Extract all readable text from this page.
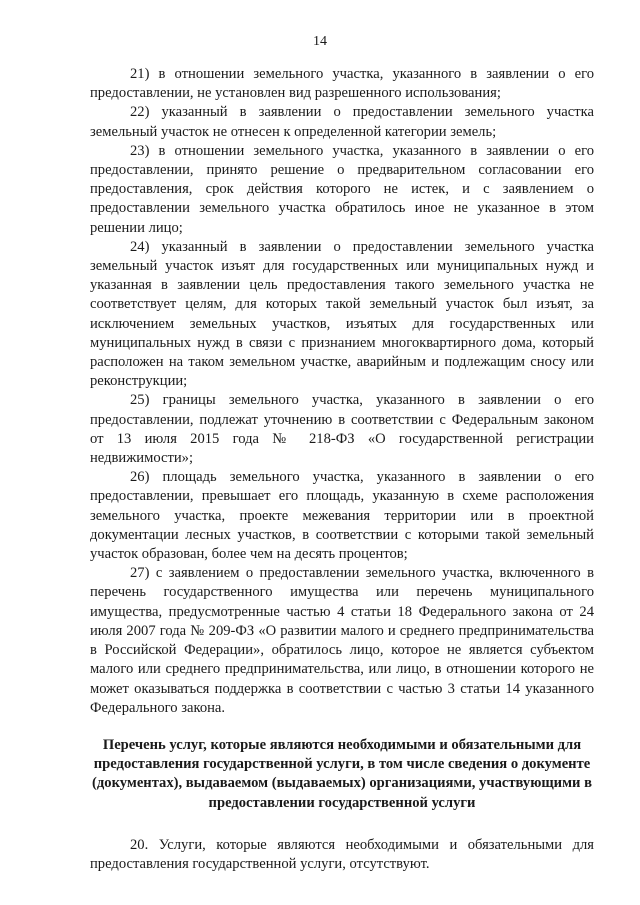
14

21) в отношении земельного участка, указанного в заявлении о его предоставлении, не установлен вид разрешенного использования;

22) указанный в заявлении о предоставлении земельного участка земельный участок не отнесен к определенной категории земель;

23) в отношении земельного участка, указанного в заявлении о его предоставлении, принято решение о предварительном согласовании его предоставления, срок действия которого не истек, и с заявлением о предоставлении земельного участка обратилось иное не указанное в этом решении лицо;

24) указанный в заявлении о предоставлении земельного участка земельный участок изъят для государственных или муниципальных нужд и указанная в заявлении цель предоставления такого земельного участка не соответствует целям, для которых такой земельный участок был изъят, за исключением земельных участков, изъятых для государственных или муниципальных нужд в связи с признанием многоквартирного дома, который расположен на таком земельном участке, аварийным и подлежащим сносу или реконструкции;

25) границы земельного участка, указанного в заявлении о его предоставлении, подлежат уточнению в соответствии с Федеральным законом от 13 июля 2015 года № 218-ФЗ «О государственной регистрации недвижимости»;

26) площадь земельного участка, указанного в заявлении о его предоставлении, превышает его площадь, указанную в схеме расположения земельного участка, проекте межевания территории или в проектной документации лесных участков, в соответствии с которыми такой земельный участок образован, более чем на десять процентов;

27) с заявлением о предоставлении земельного участка, включенного в перечень государственного имущества или перечень муниципального имущества, предусмотренные частью 4 статьи 18 Федерального закона от 24 июля 2007 года № 209-ФЗ «О развитии малого и среднего предпринимательства в Российской Федерации», обратилось лицо, которое не является субъектом малого или среднего предпринимательства, или лицо, в отношении которого не может оказываться поддержка в соответствии с частью 3 статьи 14 указанного Федерального закона.

Перечень услуг, которые являются необходимыми и обязательными для предоставления государственной услуги, в том числе сведения о документе (документах), выдаваемом (выдаваемых) организациями, участвующими в предоставлении государственной услуги

20. Услуги, которые являются необходимыми и обязательными для предоставления государственной услуги, отсутствуют.
